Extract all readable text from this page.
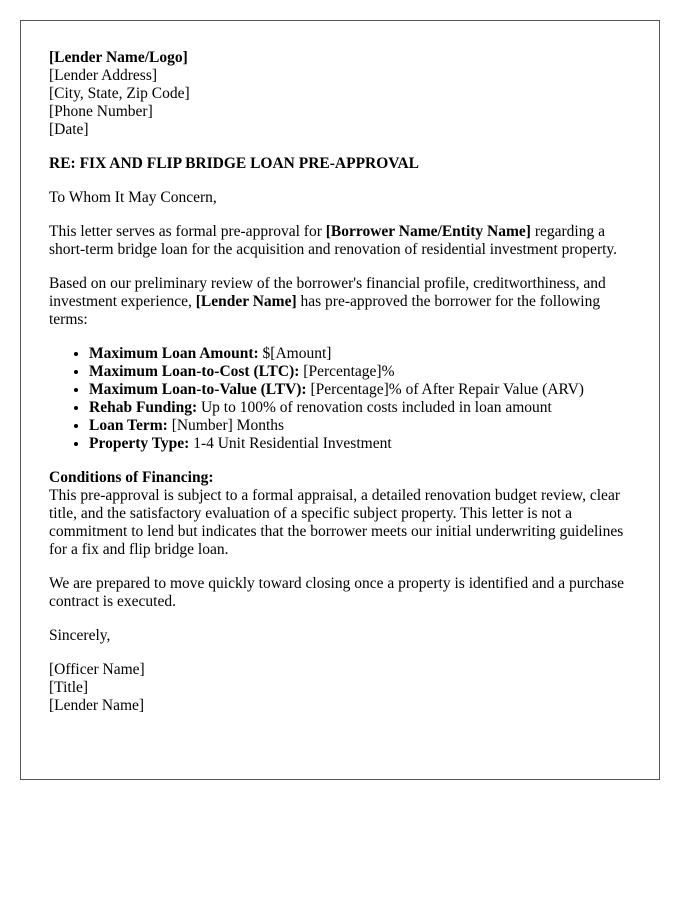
[Lender Name/Logo]
[Lender Address]
[City, State, Zip Code]
[Phone Number]
[Date]

RE: FIX AND FLIP BRIDGE LOAN PRE-APPROVAL

To Whom It May Concern,

This letter serves as formal pre-approval for [Borrower Name/Entity Name] regarding a short-term bridge loan for the acquisition and renovation of residential investment property.

Based on our preliminary review of the borrower's financial profile, creditworthiness, and investment experience, [Lender Name] has pre-approved the borrower for the following terms:

• Maximum Loan Amount: $[Amount]
• Maximum Loan-to-Cost (LTC): [Percentage]%
• Maximum Loan-to-Value (LTV): [Percentage]% of After Repair Value (ARV)
• Rehab Funding: Up to 100% of renovation costs included in loan amount
• Loan Term: [Number] Months
• Property Type: 1-4 Unit Residential Investment

Conditions of Financing:
This pre-approval is subject to a formal appraisal, a detailed renovation budget review, clear title, and the satisfactory evaluation of a specific subject property. This letter is not a commitment to lend but indicates that the borrower meets our initial underwriting guidelines for a fix and flip bridge loan.

We are prepared to move quickly toward closing once a property is identified and a purchase contract is executed.

Sincerely,

[Officer Name]
[Title]
[Lender Name]
